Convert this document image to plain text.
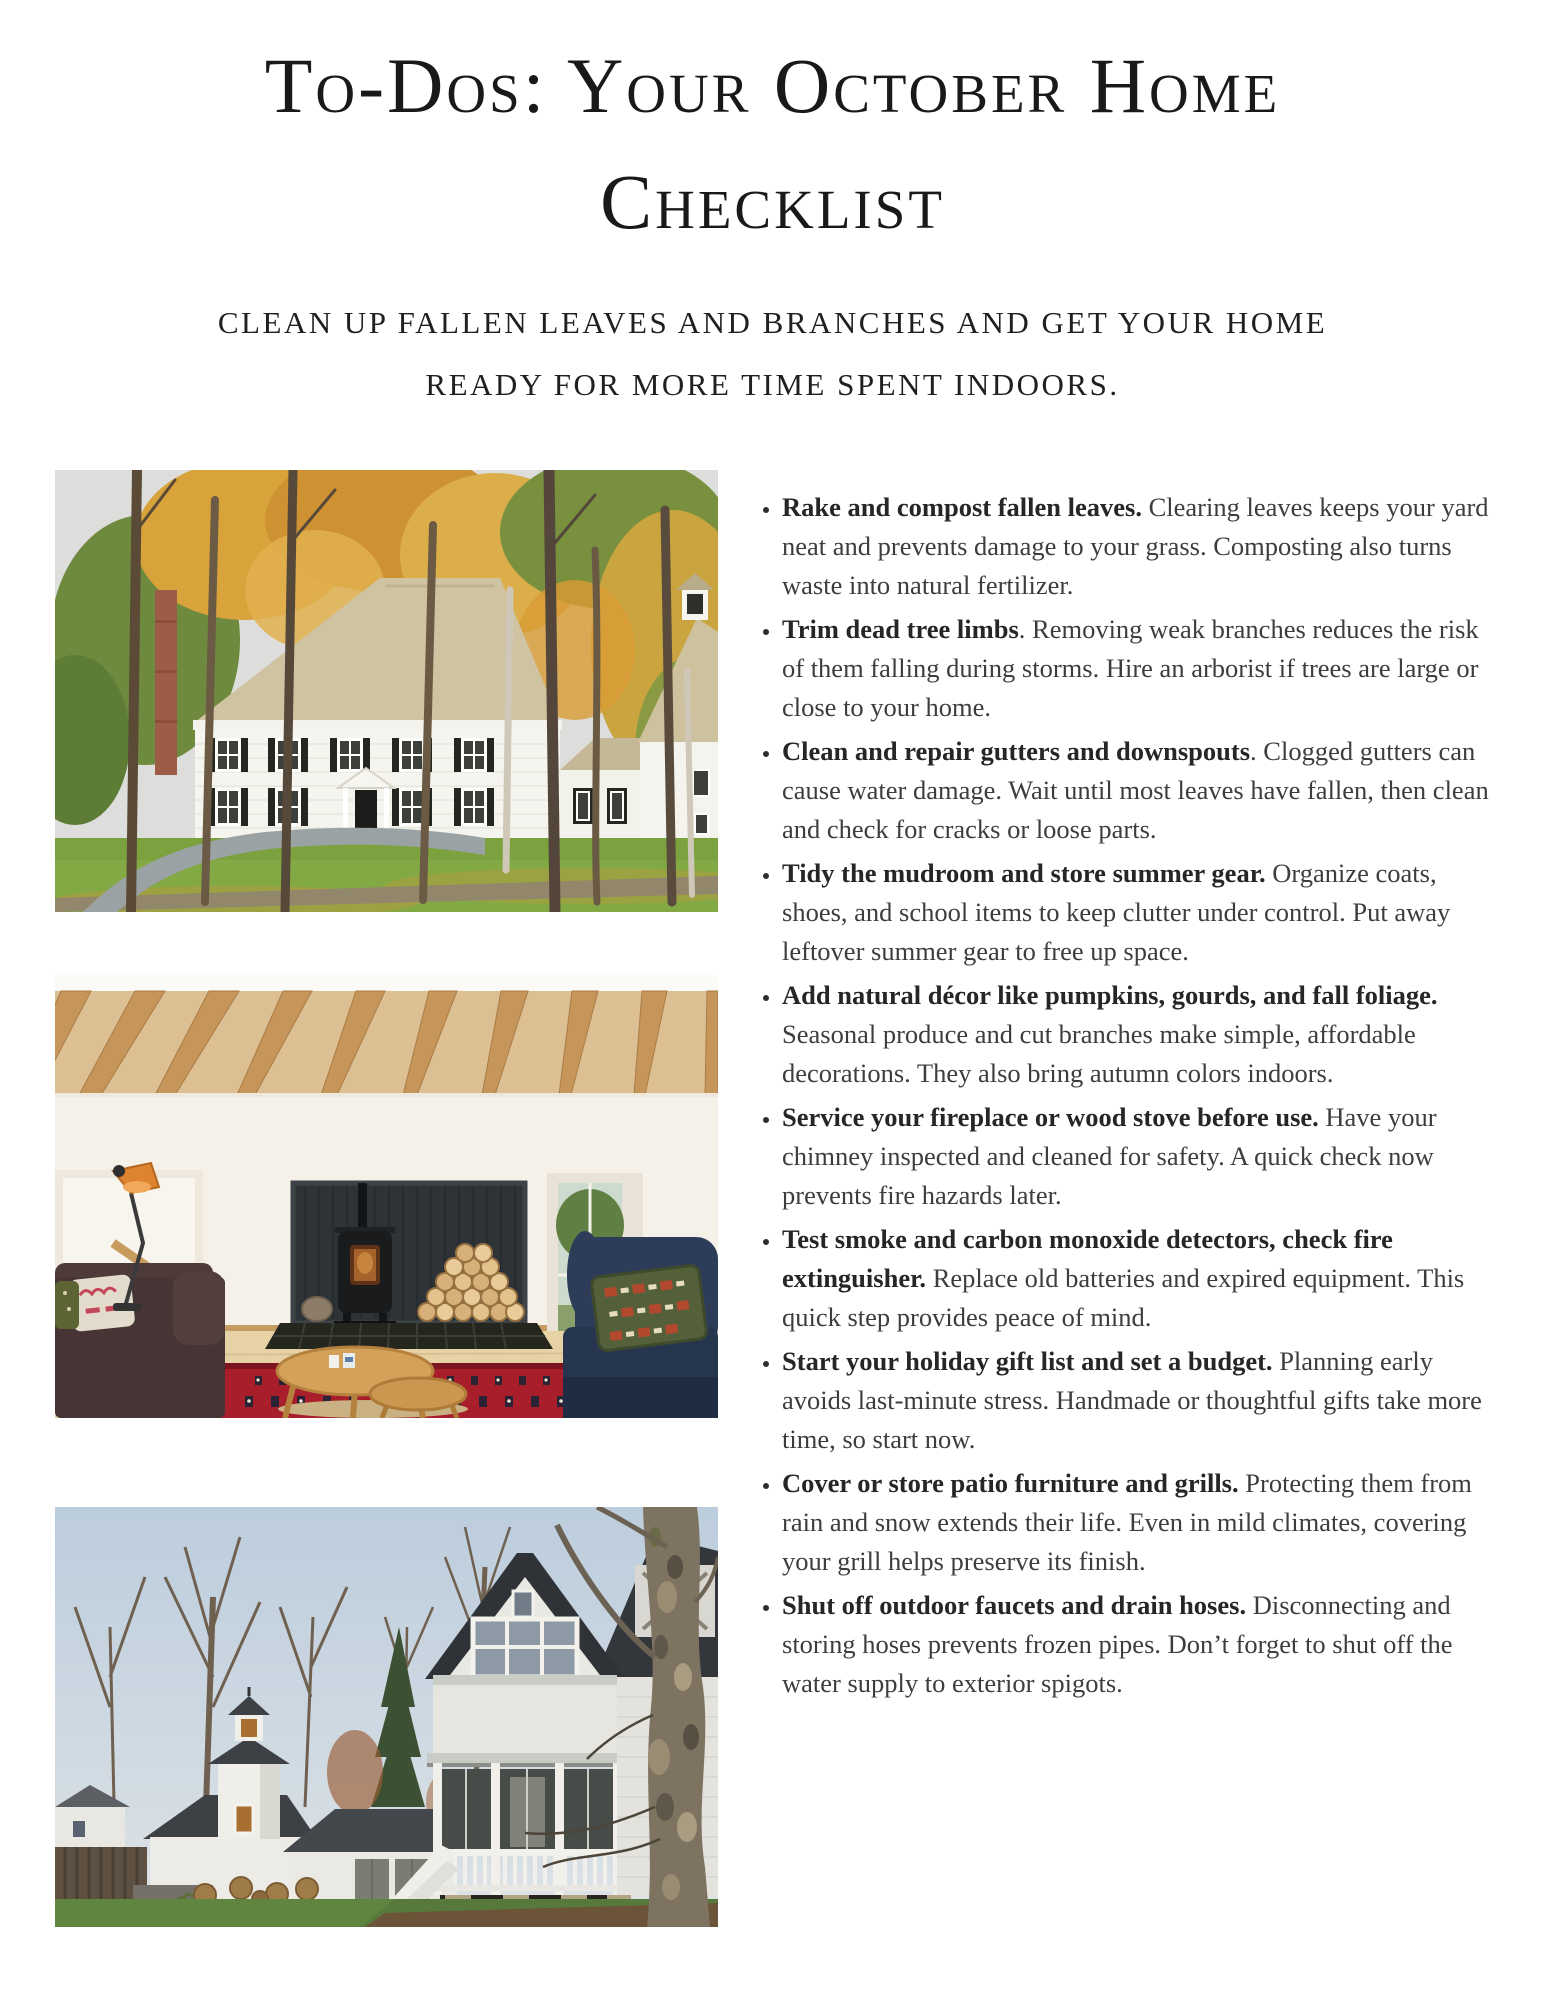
To-Dos: Your October Home
Checklist
CLEAN UP FALLEN LEAVES AND BRANCHES AND GET YOUR HOME
READY FOR MORE TIME SPENT INDOORS.
• Rake and compost fallen leaves. Clearing leaves keeps your yard neat and prevents damage to your grass. Composting also turns waste into natural fertilizer.
• Trim dead tree limbs. Removing weak branches reduces the risk of them falling during storms. Hire an arborist if trees are large or close to your home.
• Clean and repair gutters and downspouts. Clogged gutters can cause water damage. Wait until most leaves have fallen, then clean and check for cracks or loose parts.
• Tidy the mudroom and store summer gear. Organize coats, shoes, and school items to keep clutter under control. Put away leftover summer gear to free up space.
• Add natural décor like pumpkins, gourds, and fall foliage. Seasonal produce and cut branches make simple, affordable decorations. They also bring autumn colors indoors.
• Service your fireplace or wood stove before use. Have your chimney inspected and cleaned for safety. A quick check now prevents fire hazards later.
• Test smoke and carbon monoxide detectors, check fire extinguisher. Replace old batteries and expired equipment. This quick step provides peace of mind.
• Start your holiday gift list and set a budget. Planning early avoids last-minute stress. Handmade or thoughtful gifts take more time, so start now.
• Cover or store patio furniture and grills. Protecting them from rain and snow extends their life. Even in mild climates, covering your grill helps preserve its finish.
• Shut off outdoor faucets and drain hoses. Disconnecting and storing hoses prevents frozen pipes. Don’t forget to shut off the water supply to exterior spigots.
